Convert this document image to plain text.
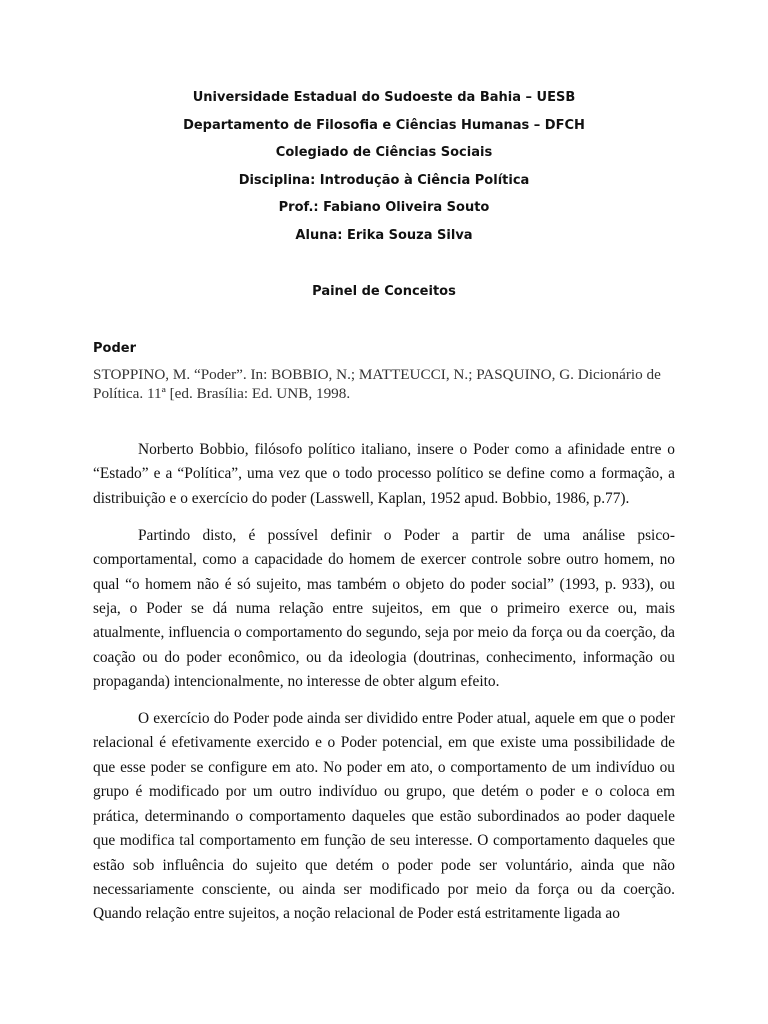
Universidade Estadual do Sudoeste da Bahia – UESB
Departamento de Filosofia e Ciências Humanas – DFCH
Colegiado de Ciências Sociais
Disciplina: Introdução à Ciência Política
Prof.: Fabiano Oliveira Souto
Aluna: Erika Souza Silva
Painel de Conceitos
Poder
STOPPINO, M. “Poder”. In: BOBBIO, N.; MATTEUCCI, N.; PASQUINO, G. Dicionário de Política. 11ª [ed. Brasília: Ed. UNB, 1998.

Norberto Bobbio, filósofo político italiano, insere o Poder como a afinidade entre o “Estado” e a “Política”, uma vez que o todo processo político se define como a formação, a distribuição e o exercício do poder (Lasswell, Kaplan, 1952 apud. Bobbio, 1986, p.77).

Partindo disto, é possível definir o Poder a partir de uma análise psico-comportamental, como a capacidade do homem de exercer controle sobre outro homem, no qual “o homem não é só sujeito, mas também o objeto do poder social” (1993, p. 933), ou seja, o Poder se dá numa relação entre sujeitos, em que o primeiro exerce ou, mais atualmente, influencia o comportamento do segundo, seja por meio da força ou da coerção, da coação ou do poder econômico, ou da ideologia (doutrinas, conhecimento, informação ou propaganda) intencionalmente, no interesse de obter algum efeito.

O exercício do Poder pode ainda ser dividido entre Poder atual, aquele em que o poder relacional é efetivamente exercido e o Poder potencial, em que existe uma possibilidade de que esse poder se configure em ato. No poder em ato, o comportamento de um indivíduo ou grupo é modificado por um outro indivíduo ou grupo, que detém o poder e o coloca em prática, determinando o comportamento daqueles que estão subordinados ao poder daquele que modifica tal comportamento em função de seu interesse. O comportamento daqueles que estão sob influência do sujeito que detém o poder pode ser voluntário, ainda que não necessariamente consciente, ou ainda ser modificado por meio da força ou da coerção. Quando relação entre sujeitos, a noção relacional de Poder está estritamente ligada ao
